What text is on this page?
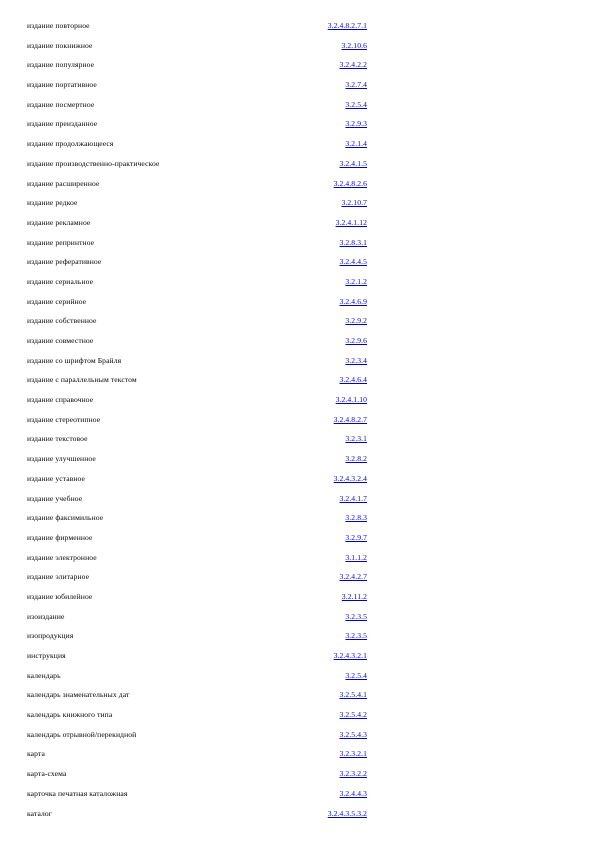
издание повторное	3.2.4.8.2.7.1
издание покнижное	3.2.10.6
издание популярное	3.2.4.2.2
издание портативное	3.2.7.4
издание посмертное	3.2.5.4
издание преизданное	3.2.9.3
издание продолжающееся	3.2.1.4
издание производственно-практическое	3.2.4.1.5
издание расширенное	3.2.4.8.2.6
издание редкое	3.2.10.7
издание рекламное	3.2.4.1.12
издание репринтное	3.2.8.3.1
издание реферативное	3.2.4.4.5
издание сериальное	3.2.1.2
издание серийное	3.2.4.6.9
издание собственное	3.2.9.2
издание совместное	3.2.9.6
издание со шрифтом Брайля	3.2.3.4
издание с параллельным текстом	3.2.4.6.4
издание справочное	3.2.4.1.10
издание стереотипное	3.2.4.8.2.7
издание текстовое	3.2.3.1
издание улучшенное	3.2.8.2
издание уставное	3.2.4.3.2.4
издание учебное	3.2.4.1.7
издание факсимильное	3.2.8.3
издание фирменное	3.2.9.7
издание электронное	3.1.1.2
издание элитарное	3.2.4.2.7
издание юбилейное	3.2.11.2
изоиздание	3.2.3.5
изопродукция	3.2.3.5
инструкция	3.2.4.3.2.1
календарь	3.2.5.4
календарь знаменательных дат	3.2.5.4.1
календарь книжного типа	3.2.5.4.2
календарь отрывной/перекидной	3.2.5.4.3
карта	3.2.3.2.1
карта-схема	3.2.3.2.2
карточка печатная каталожная	3.2.4.4.3
каталог	3.2.4.3.5.3.2
